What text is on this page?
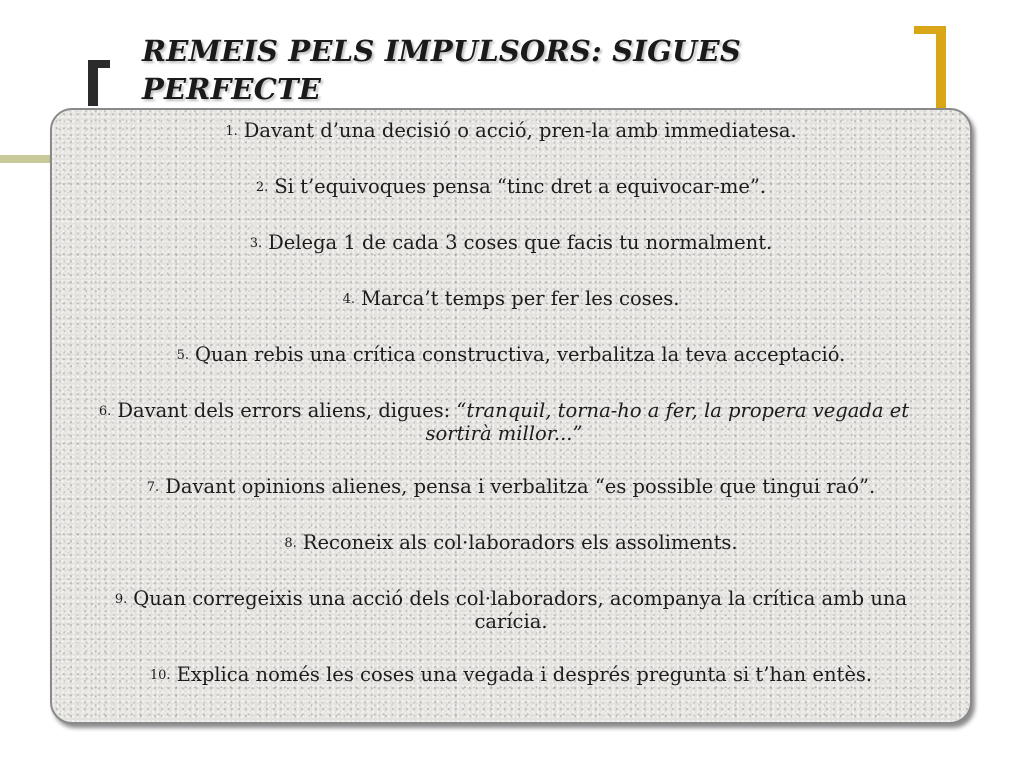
REMEIS PELS IMPULSORS: SIGUES PERFECTE
1. Davant d’una decisió o acció, pren-la amb immediatesa.
2. Si t’equivoques pensa “tinc dret a equivocar-me”.
3. Delega 1 de cada 3 coses que facis tu normalment.
4. Marca’t temps per fer les coses.
5. Quan rebis una crítica constructiva, verbalitza la teva acceptació.
6. Davant dels errors aliens, digues: “tranquil, torna-ho a fer, la propera vegada et sortirà millor...”
7. Davant opinions alienes, pensa i verbalitza “es possible que tingui raó”.
8. Reconeix als col·laboradors els assoliments.
9. Quan corregeixis una acció dels col·laboradors, acompanya la crítica amb una carícia.
10. Explica només les coses una vegada i després pregunta si t’han entès.
